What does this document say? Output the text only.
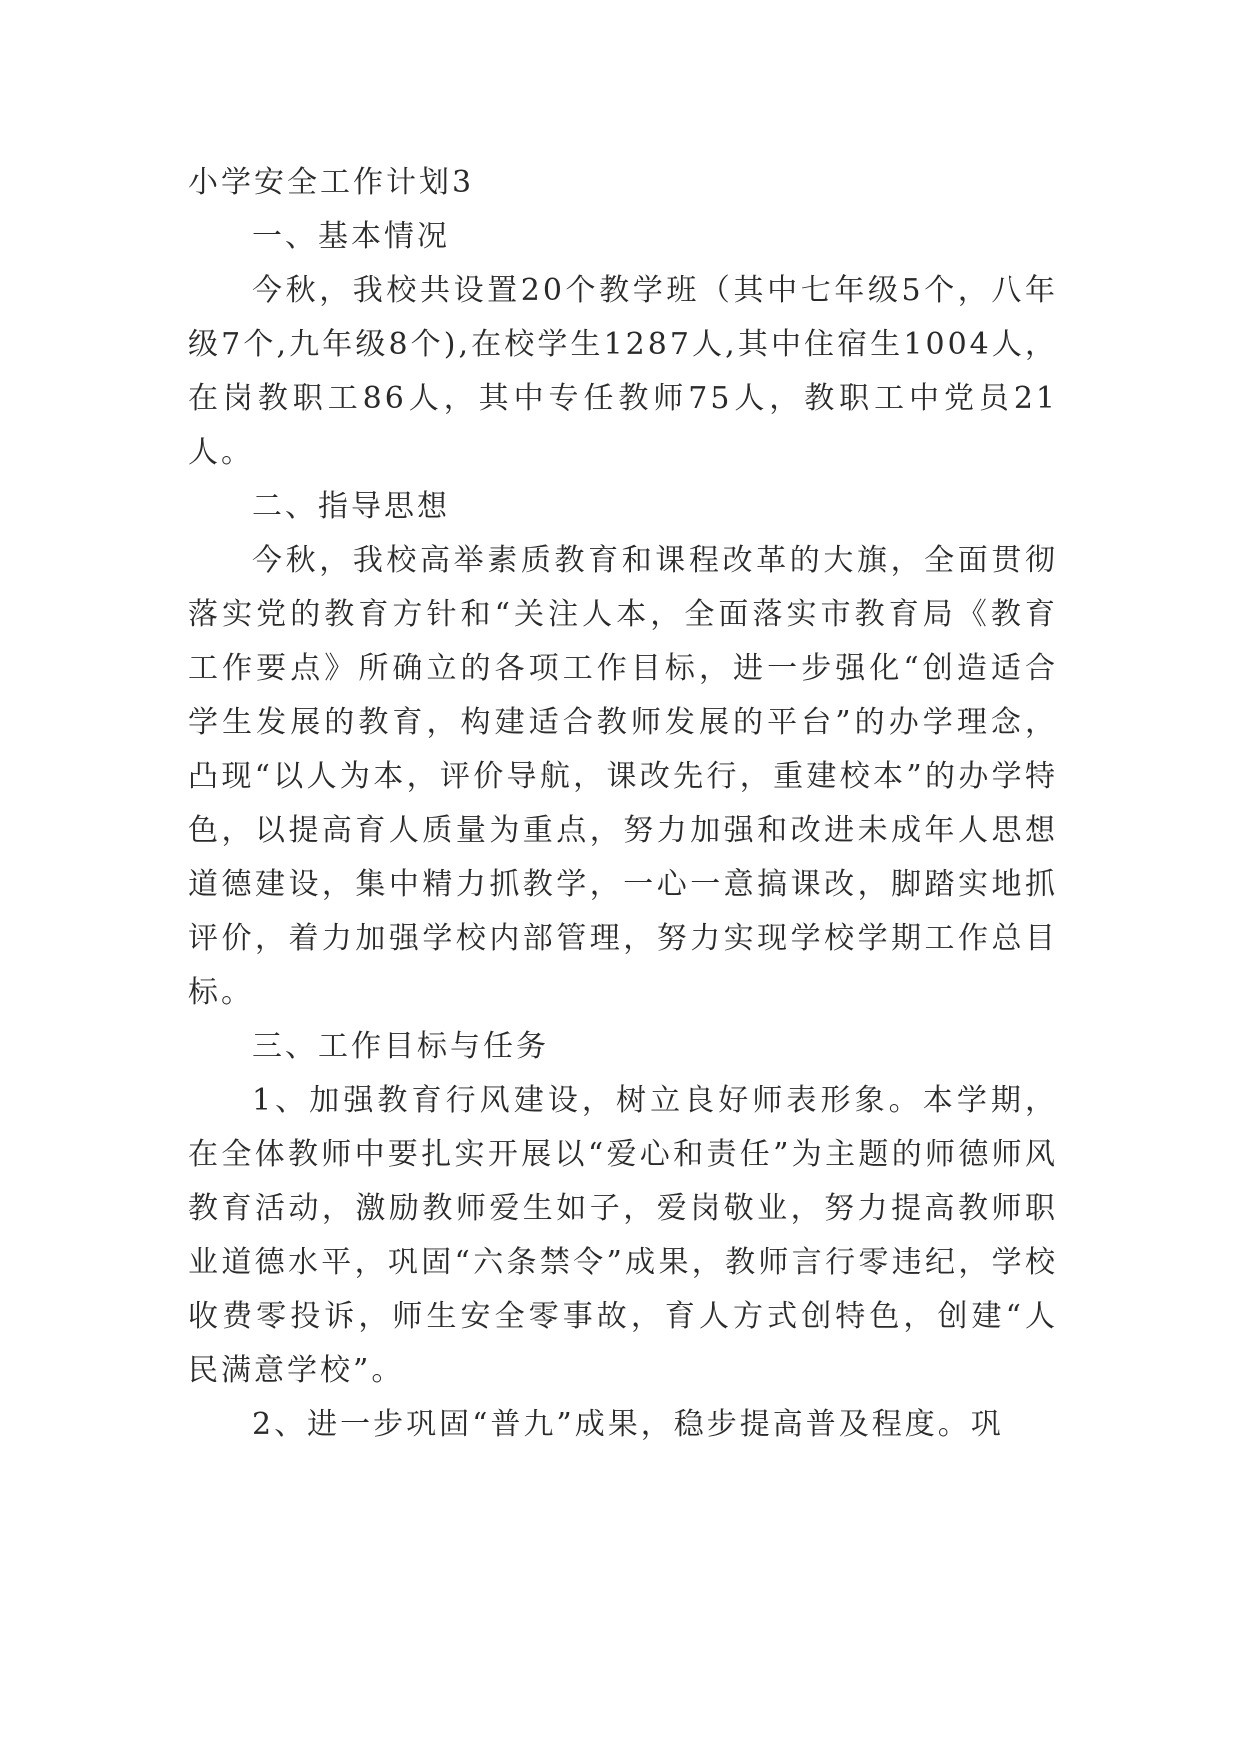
小学安全工作计划3

一、基本情况

今秋，我校共设置20个教学班（其中七年级5个，八年级7个,九年级8个),在校学生1287人,其中住宿生1004人，在岗教职工86人，其中专任教师75人，教职工中党员21人。

二、指导思想

今秋，我校高举素质教育和课程改革的大旗，全面贯彻落实党的教育方针和“关注人本，全面落实市教育局《教育工作要点》所确立的各项工作目标，进一步强化“创造适合学生发展的教育，构建适合教师发展的平台”的办学理念，凸现“以人为本，评价导航，课改先行，重建校本”的办学特色，以提高育人质量为重点，努力加强和改进未成年人思想道德建设，集中精力抓教学，一心一意搞课改，脚踏实地抓评价，着力加强学校内部管理，努力实现学校学期工作总目标。

三、工作目标与任务

1、加强教育行风建设，树立良好师表形象。本学期，在全体教师中要扎实开展以“爱心和责任”为主题的师德师风教育活动，激励教师爱生如子，爱岗敬业，努力提高教师职业道德水平，巩固“六条禁令”成果，教师言行零违纪，学校收费零投诉，师生安全零事故，育人方式创特色，创建“人民满意学校”。

2、进一步巩固“普九”成果，稳步提高普及程度。巩
